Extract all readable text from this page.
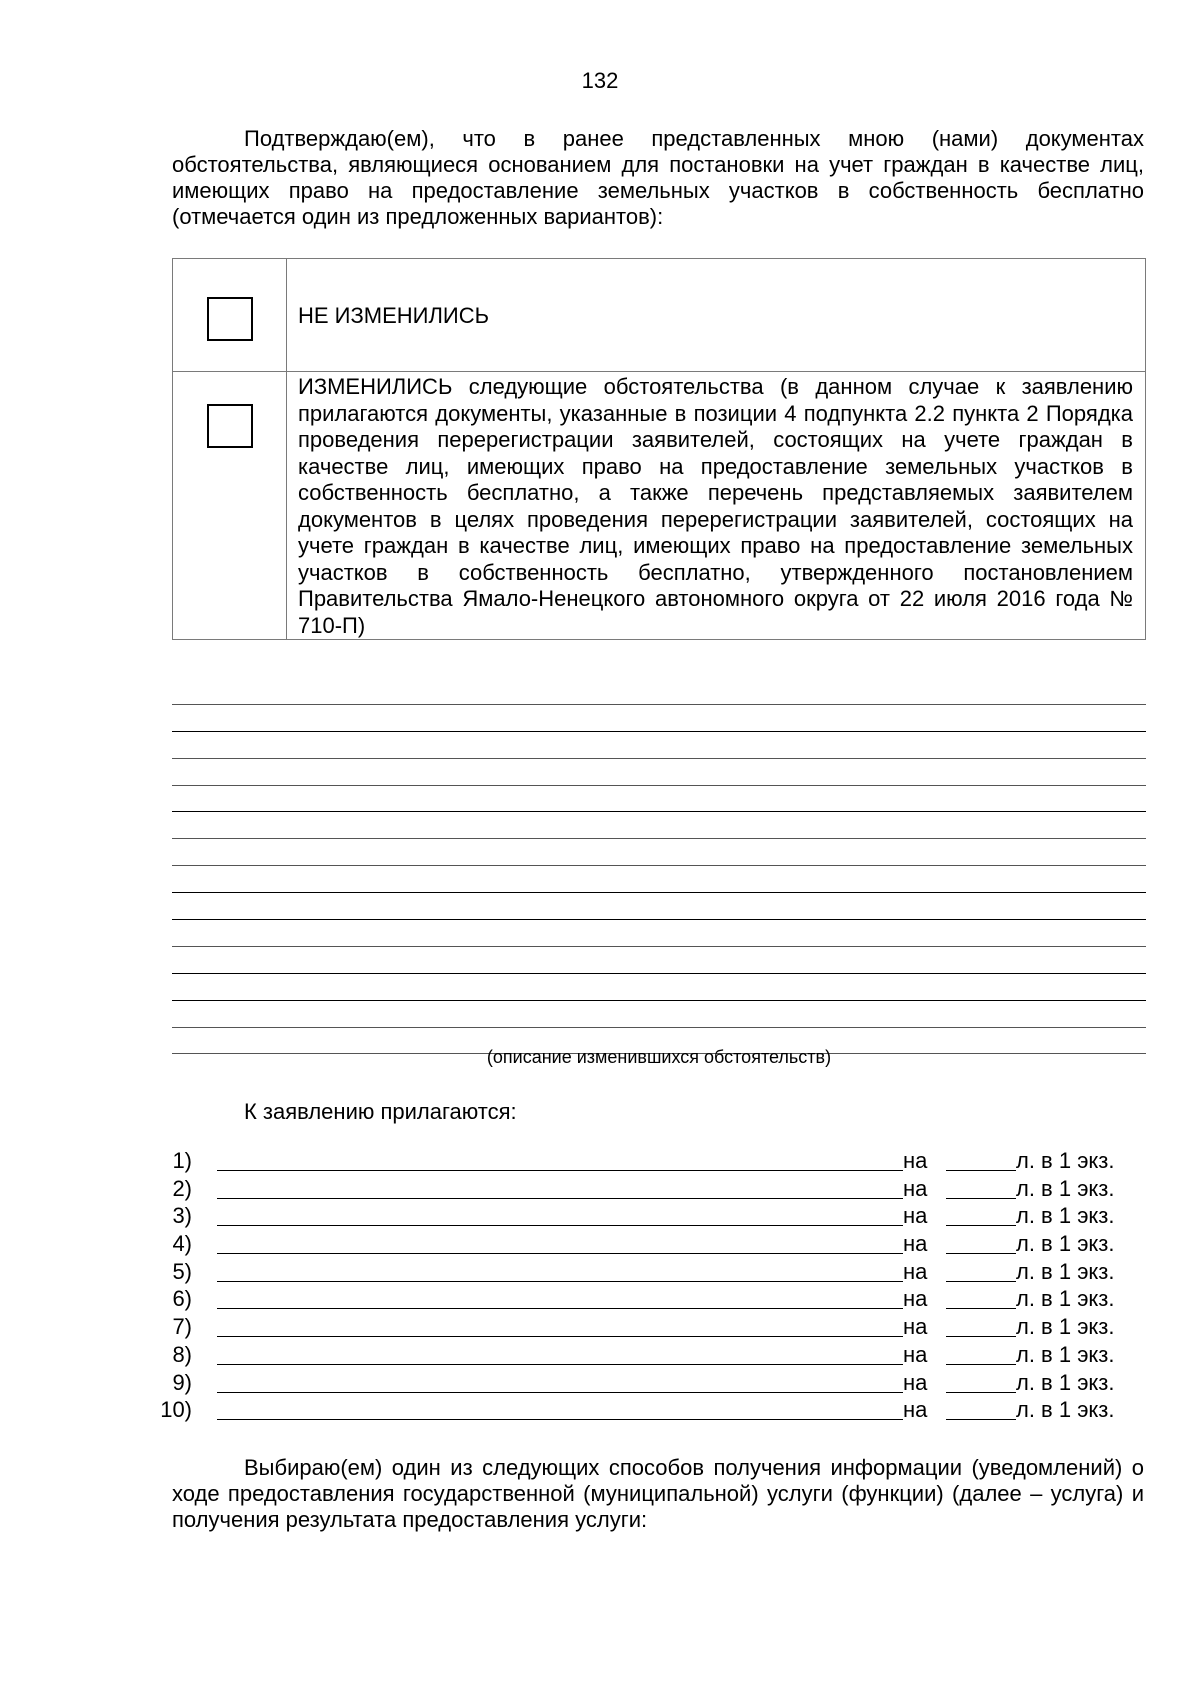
132
Подтверждаю(ем), что в ранее представленных мною (нами) документах обстоятельства, являющиеся основанием для постановки на учет граждан в качестве лиц, имеющих право на предоставление земельных участков в собственность бесплатно (отмечается один из предложенных вариантов):

	НЕ ИЗМЕНИЛИСЬ

	ИЗМЕНИЛИСЬ следующие обстоятельства (в данном случае к заявлению прилагаются документы, указанные в позиции 4 подпункта 2.2 пункта 2 Порядка проведения перерегистрации заявителей, состоящих на учете граждан в качестве лиц, имеющих право на предоставление земельных участков в собственность бесплатно, а также перечень представляемых заявителем документов в целях проведения перерегистрации заявителей, состоящих на учете граждан в качестве лиц, имеющих право на предоставление земельных участков в собственность бесплатно, утвержденного постановлением Правительства Ямало-Ненецкого автономного округа от 22 июля 2016 года № 710-П)
(описание изменившихся обстоятельств)
К заявлению прилагаются:
1)	на	л. в 1 экз.
2)	на	л. в 1 экз.
3)	на	л. в 1 экз.
4)	на	л. в 1 экз.
5)	на	л. в 1 экз.
6)	на	л. в 1 экз.
7)	на	л. в 1 экз.
8)	на	л. в 1 экз.
9)	на	л. в 1 экз.
10)	на	л. в 1 экз.
Выбираю(ем) один из следующих способов получения информации (уведомлений) о ходе предоставления государственной (муниципальной) услуги (функции) (далее – услуга) и получения результата предоставления услуги:
